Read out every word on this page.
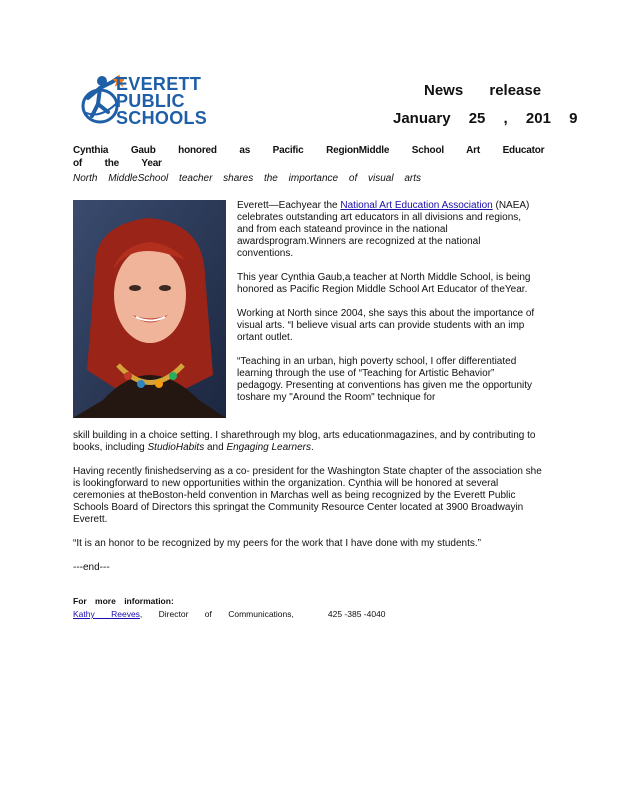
EVERETT
PUBLIC
SCHOOLS
News release
January 25 , 201 9
Cynthia Gaub honored as Pacific RegionMiddle School Art Educator
of the Year
North MiddleSchool teacher shares the importance of visual arts

Everett—Eachyear the National Art Education Association (NAEA) celebrates outstanding art educators in all divisions and regions, and from each stateand province in the national awardsprogram.Winners are recognized at the national conventions.

This year Cynthia Gaub,a teacher at North Middle School, is being honored as Pacific Region Middle School Art Educator of theYear.

Working at North since 2004, she says this about the importance of visual arts. “I believe visual arts can provide students with an imp ortant outlet.

“Teaching in an urban, high poverty school, I offer differentiated learning through the use of “Teaching for Artistic Behavior” pedagogy. Presenting at conventions has given me the opportunity toshare my "Around the Room" technique for

skill building in a choice setting. I sharethrough my blog, arts educationmagazines, and by contributing to books, including StudioHabits and Engaging Learners.

Having recently finishedserving as a co- president for the Washington State chapter of the association she is lookingforward to new opportunities within the organization. Cynthia will be honored at several ceremonies at theBoston-held convention in Marchas well as being recognized by the Everett Public Schools Board of Directors this springat the Community Resource Center located at 3900 Broadwayin Everett.

“It is an honor to be recognized by my peers for the work that I have done with my students.”

---end---

For more information:
Kathy Reeves, Director of Communications,	425 -385 -4040
